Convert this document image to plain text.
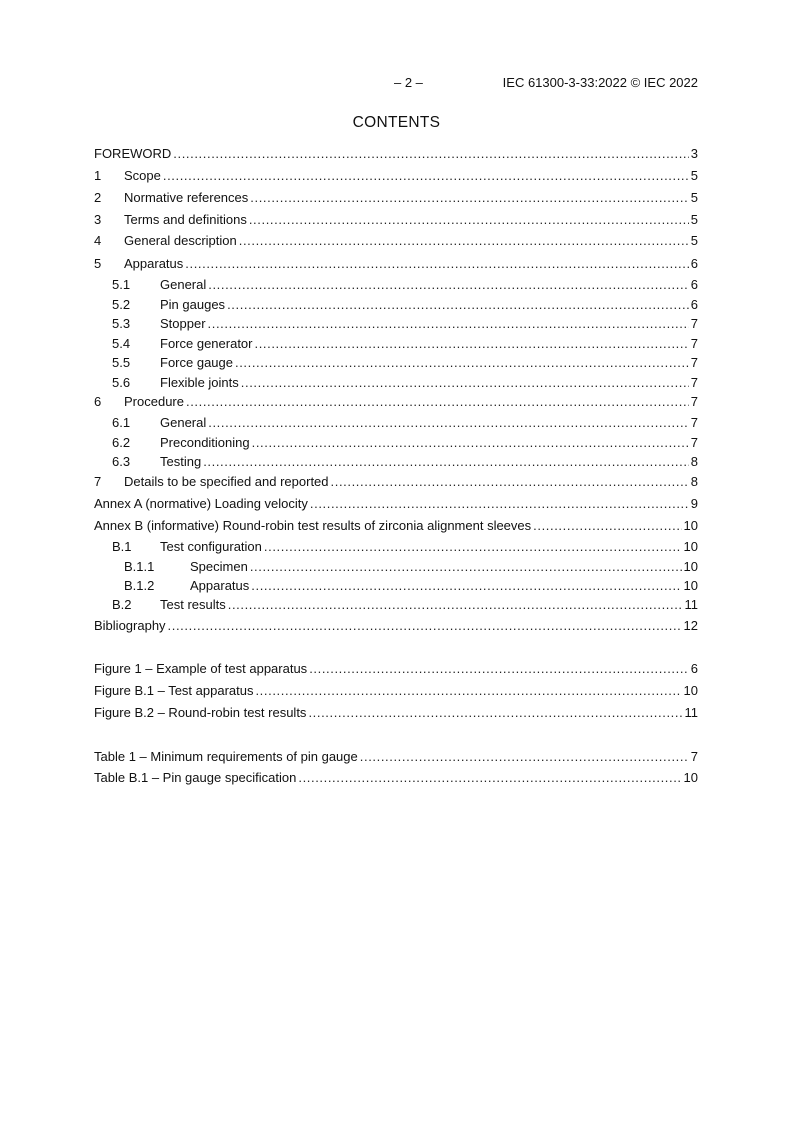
– 2 –	IEC 61300-3-33:2022 © IEC 2022
CONTENTS
FOREWORD .....	3
1	Scope .....	5
2	Normative references .....	5
3	Terms and definitions .....	5
4	General description .....	5
5	Apparatus .....	6
5.1	General .....	6
5.2	Pin gauges .....	6
5.3	Stopper .....	7
5.4	Force generator .....	7
5.5	Force gauge .....	7
5.6	Flexible joints .....	7
6	Procedure .....	7
6.1	General .....	7
6.2	Preconditioning .....	7
6.3	Testing .....	8
7	Details to be specified and reported .....	8
Annex A (normative) Loading velocity .....	9
Annex B (informative) Round-robin test results of zirconia alignment sleeves .....	10
B.1	Test configuration .....	10
B.1.1	Specimen .....	10
B.1.2	Apparatus .....	10
B.2	Test results .....	11
Bibliography .....	12
Figure 1 – Example of test apparatus .....	6
Figure B.1 – Test apparatus .....	10
Figure B.2 – Round-robin test results .....	11
Table 1 – Minimum requirements of pin gauge .....	7
Table B.1 – Pin gauge specification .....	10
